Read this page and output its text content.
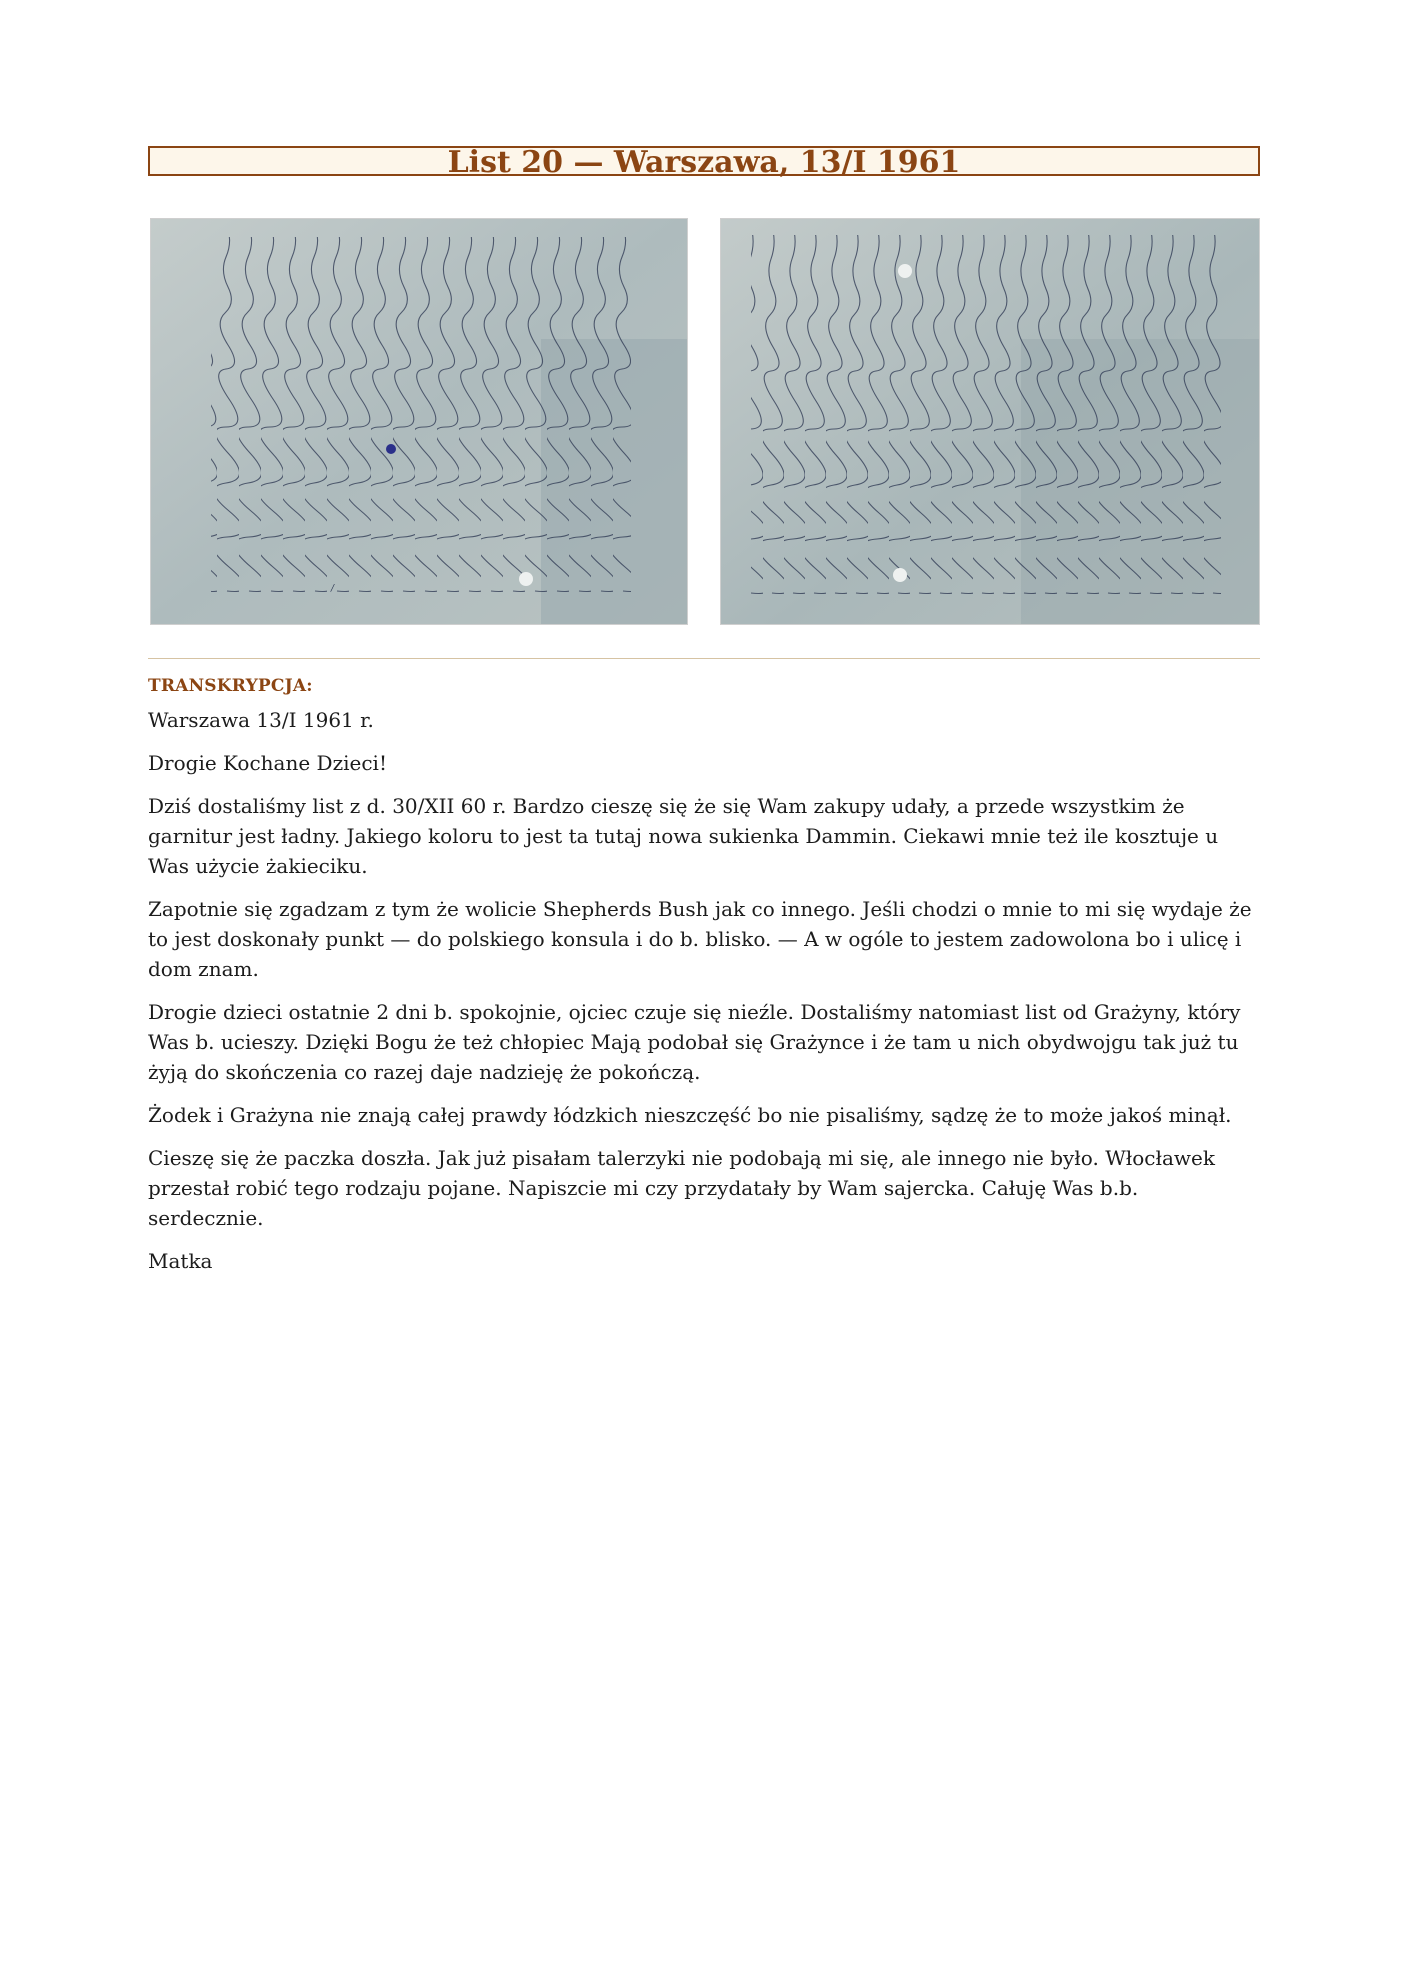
List 20 — Warszawa, 13/I 1961
/
TRANSKRYPCJA:

Warszawa 13/I 1961 r.

Drogie Kochane Dzieci!

Dziś dostaliśmy list z d. 30/XII 60 r. Bardzo cieszę się że się Wam zakupy udały, a przede wszystkim że garnitur jest ładny. Jakiego koloru to jest ta tutaj nowa sukienka Dammin. Ciekawi mnie też ile kosztuje u Was użycie żakieciku.

Zapotnie się zgadzam z tym że wolicie Shepherds Bush jak co innego. Jeśli chodzi o mnie to mi się wydaje że to jest doskonały punkt — do polskiego konsula i do b. blisko. — A w ogóle to jestem zadowolona bo i ulicę i dom znam.

Drogie dzieci ostatnie 2 dni b. spokojnie, ojciec czuje się nieźle. Dostaliśmy natomiast list od Grażyny, który Was b. ucieszy. Dzięki Bogu że też chłopiec Mają podobał się Grażynce i że tam u nich obydwojgu tak już tu żyją do skończenia co razej daje nadzieję że pokończą.

Żodek i Grażyna nie znają całej prawdy łódzkich nieszczęść bo nie pisaliśmy, sądzę że to może jakoś minął.

Cieszę się że paczka doszła. Jak już pisałam talerzyki nie podobają mi się, ale innego nie było. Włocławek przestał robić tego rodzaju pojane. Napiszcie mi czy przydatały by Wam sajercka. Całuję Was b.b. serdecznie.

Matka
